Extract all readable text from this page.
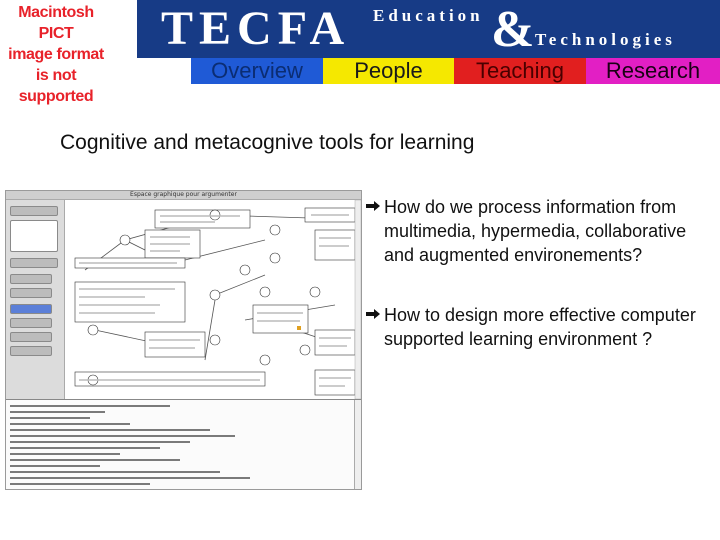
Macintosh PICT
image format
is not supported
TECFA Education & Technologies
Overview	People	Teaching	Research
Cognitive and metacognive tools for learning
Espace graphique pour argumenter
How do we process information from multimedia, hypermedia, collaborative and augmented environements?
How to design more effective computer supported learning environment ?
